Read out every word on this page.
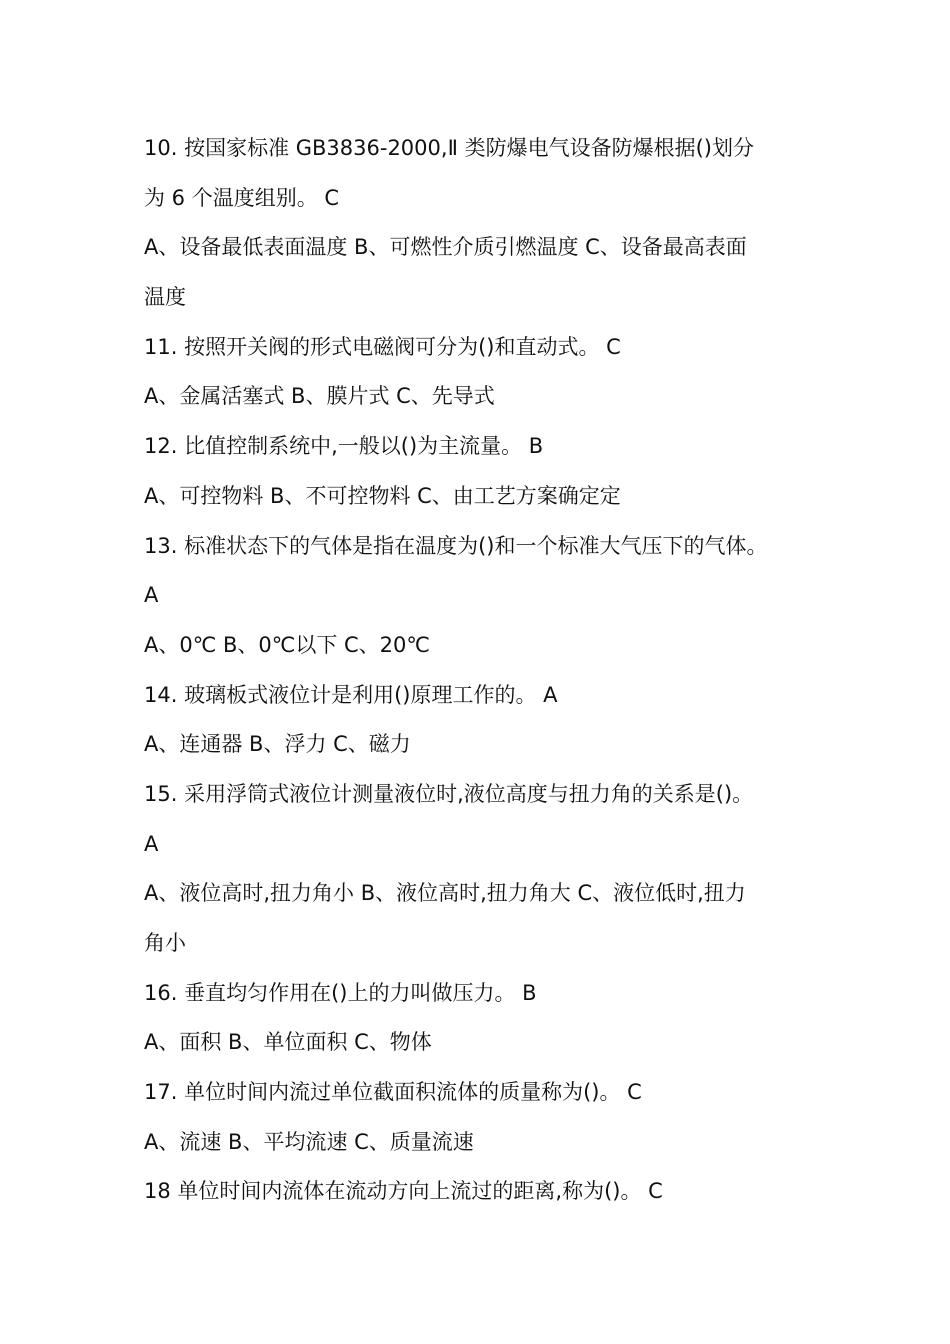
10. 按国家标准 GB3836-2000,Ⅱ 类防爆电气设备防爆根据()划分
为 6 个温度组别。 C
A、设备最低表面温度 B、可燃性介质引燃温度 C、设备最高表面
温度
11. 按照开关阀的形式电磁阀可分为()和直动式。 C
A、金属活塞式 B、膜片式 C、先导式
12. 比值控制系统中,一般以()为主流量。 B
A、可控物料 B、不可控物料 C、由工艺方案确定定
13. 标准状态下的气体是指在温度为()和一个标准大气压下的气体。
A
A、0℃ B、0℃以下 C、20℃
14. 玻璃板式液位计是利用()原理工作的。 A
A、连通器 B、浮力 C、磁力
15. 采用浮筒式液位计测量液位时,液位高度与扭力角的关系是()。
A
A、液位高时,扭力角小 B、液位高时,扭力角大 C、液位低时,扭力
角小
16. 垂直均匀作用在()上的力叫做压力。 B
A、面积 B、单位面积 C、物体
17. 单位时间内流过单位截面积流体的质量称为()。 C
A、流速 B、平均流速 C、质量流速
18 单位时间内流体在流动方向上流过的距离,称为()。 C
